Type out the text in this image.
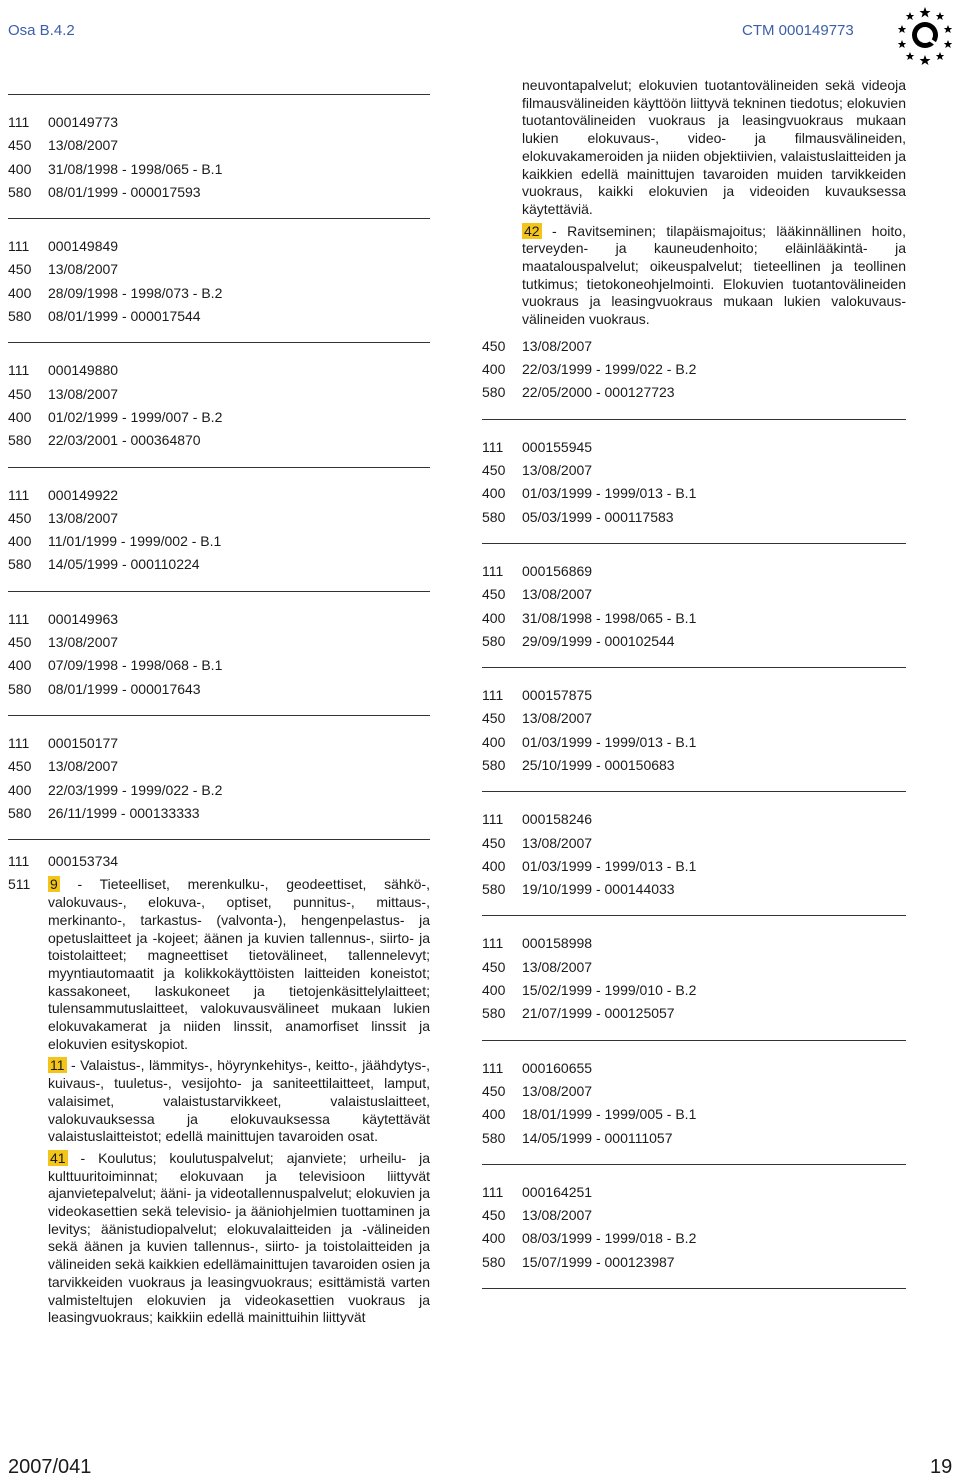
Osa B.4.2	CTM 000149773
111	000149773
450	13/08/2007
400	31/08/1998 - 1998/065 - B.1
580	08/01/1999 - 000017593
111	000149849
450	13/08/2007
400	28/09/1998 - 1998/073 - B.2
580	08/01/1999 - 000017544
111	000149880
450	13/08/2007
400	01/02/1999 - 1999/007 - B.2
580	22/03/2001 - 000364870
111	000149922
450	13/08/2007
400	11/01/1999 - 1999/002 - B.1
580	14/05/1999 - 000110224
111	000149963
450	13/08/2007
400	07/09/1998 - 1998/068 - B.1
580	08/01/1999 - 000017643
111	000150177
450	13/08/2007
400	22/03/1999 - 1999/022 - B.2
580	26/11/1999 - 000133333
111	000153734
511	9 - Tieteelliset, merenkulku-, geodeettiset, sähkö-, valokuvaus-, elokuva-, optiset, punnitus-, mittaus-, merkinanto-, tarkastus- (valvonta-), hengenpelastus- ja opetuslaitteet ja -kojeet; äänen ja kuvien tallennus-, siirto- ja toistolaitteet; magneettiset tietovälineet, tallennelevyt; myyntiautomaatit ja kolikkokäyttöisten laitteiden koneistot; kassakoneet, laskukoneet ja tietojenkäsittelylaitteet; tulensammutuslaitteet, valokuvausvälineet mukaan lukien elokuvakamerat ja niiden linssit, anamorfiset linssit ja elokuvien esityskopiot.
11 - Valaistus-, lämmitys-, höyrynkehitys-, keitto-, jäähdytys-, kuivaus-, tuuletus-, vesijohto- ja saniteettilaitteet, lamput, valaisimet, valaistustarvikkeet, valaistuslaitteet, valokuvauksessa ja elokuvauksessa käytettävät valaistuslaitteistot; edellä mainittujen tavaroiden osat.
41 - Koulutus; koulutuspalvelut; ajanviete; urheilu- ja kulttuuritoiminnat; elokuvaan ja televisioon liittyvät ajanvietepalvelut; ääni- ja videotallennuspalvelut; elokuvien ja videokasettien sekä televisio- ja ääniohjelmien tuottaminen ja levitys; äänistudiopalvelut; elokuvalaitteiden ja -välineiden sekä äänen ja kuvien tallennus-, siirto- ja toistolaitteiden ja välineiden sekä kaikkien edellämainittujen tavaroiden osien ja tarvikkeiden vuokraus ja leasingvuokraus; esittämistä varten valmisteltujen elokuvien ja videokasettien vuokraus ja leasingvuokraus; kaikkiin edellä mainittuihin liittyvät
neuvontapalvelut; elokuvien tuotantovälineiden sekä videoja filmausvälineiden käyttöön liittyvä tekninen tiedotus; elokuvien tuotantovälineiden vuokraus ja leasingvuokraus mukaan lukien elokuvaus-, video- ja filmausvälineiden, elokuvakameroiden ja niiden objektiivien, valaistuslaitteiden ja kaikkien edellä mainittujen tavaroiden muiden tarvikkeiden vuokraus, kaikki elokuvien ja videoiden kuvauksessa käytettäviä.
42 - Ravitseminen; tilapäismajoitus; lääkinnällinen hoito, terveyden- ja kauneudenhoito; eläinlääkintä- ja maatalouspalvelut; oikeuspalvelut; tieteellinen ja teollinen tutkimus; tietokoneohjelmointi. Elokuvien tuotantovälineiden vuokraus ja leasingvuokraus mukaan lukien valokuvaus-välineiden vuokraus.
450	13/08/2007
400	22/03/1999 - 1999/022 - B.2
580	22/05/2000 - 000127723
111	000155945
450	13/08/2007
400	01/03/1999 - 1999/013 - B.1
580	05/03/1999 - 000117583
111	000156869
450	13/08/2007
400	31/08/1998 - 1998/065 - B.1
580	29/09/1999 - 000102544
111	000157875
450	13/08/2007
400	01/03/1999 - 1999/013 - B.1
580	25/10/1999 - 000150683
111	000158246
450	13/08/2007
400	01/03/1999 - 1999/013 - B.1
580	19/10/1999 - 000144033
111	000158998
450	13/08/2007
400	15/02/1999 - 1999/010 - B.2
580	21/07/1999 - 000125057
111	000160655
450	13/08/2007
400	18/01/1999 - 1999/005 - B.1
580	14/05/1999 - 000111057
111	000164251
450	13/08/2007
400	08/03/1999 - 1999/018 - B.2
580	15/07/1999 - 000123987
2007/041	19
